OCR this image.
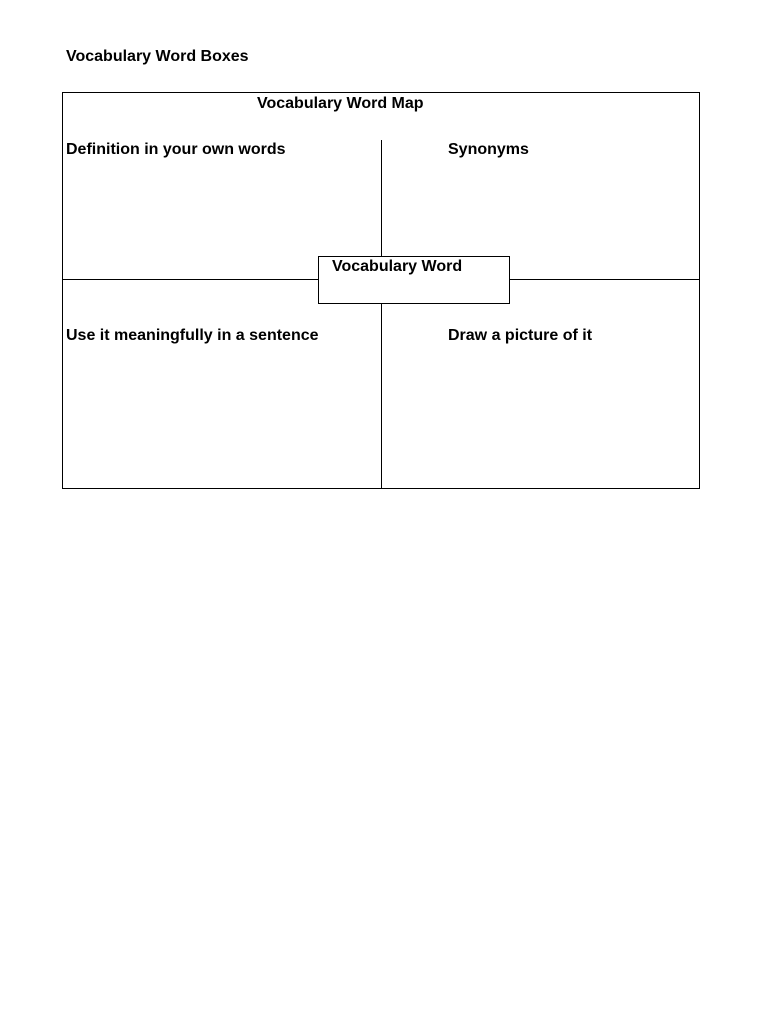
Vocabulary Word Boxes
Vocabulary Word Map
Definition in your own words	Synonyms
Use it meaningfully in a sentence	Draw a picture of it
Vocabulary Word
